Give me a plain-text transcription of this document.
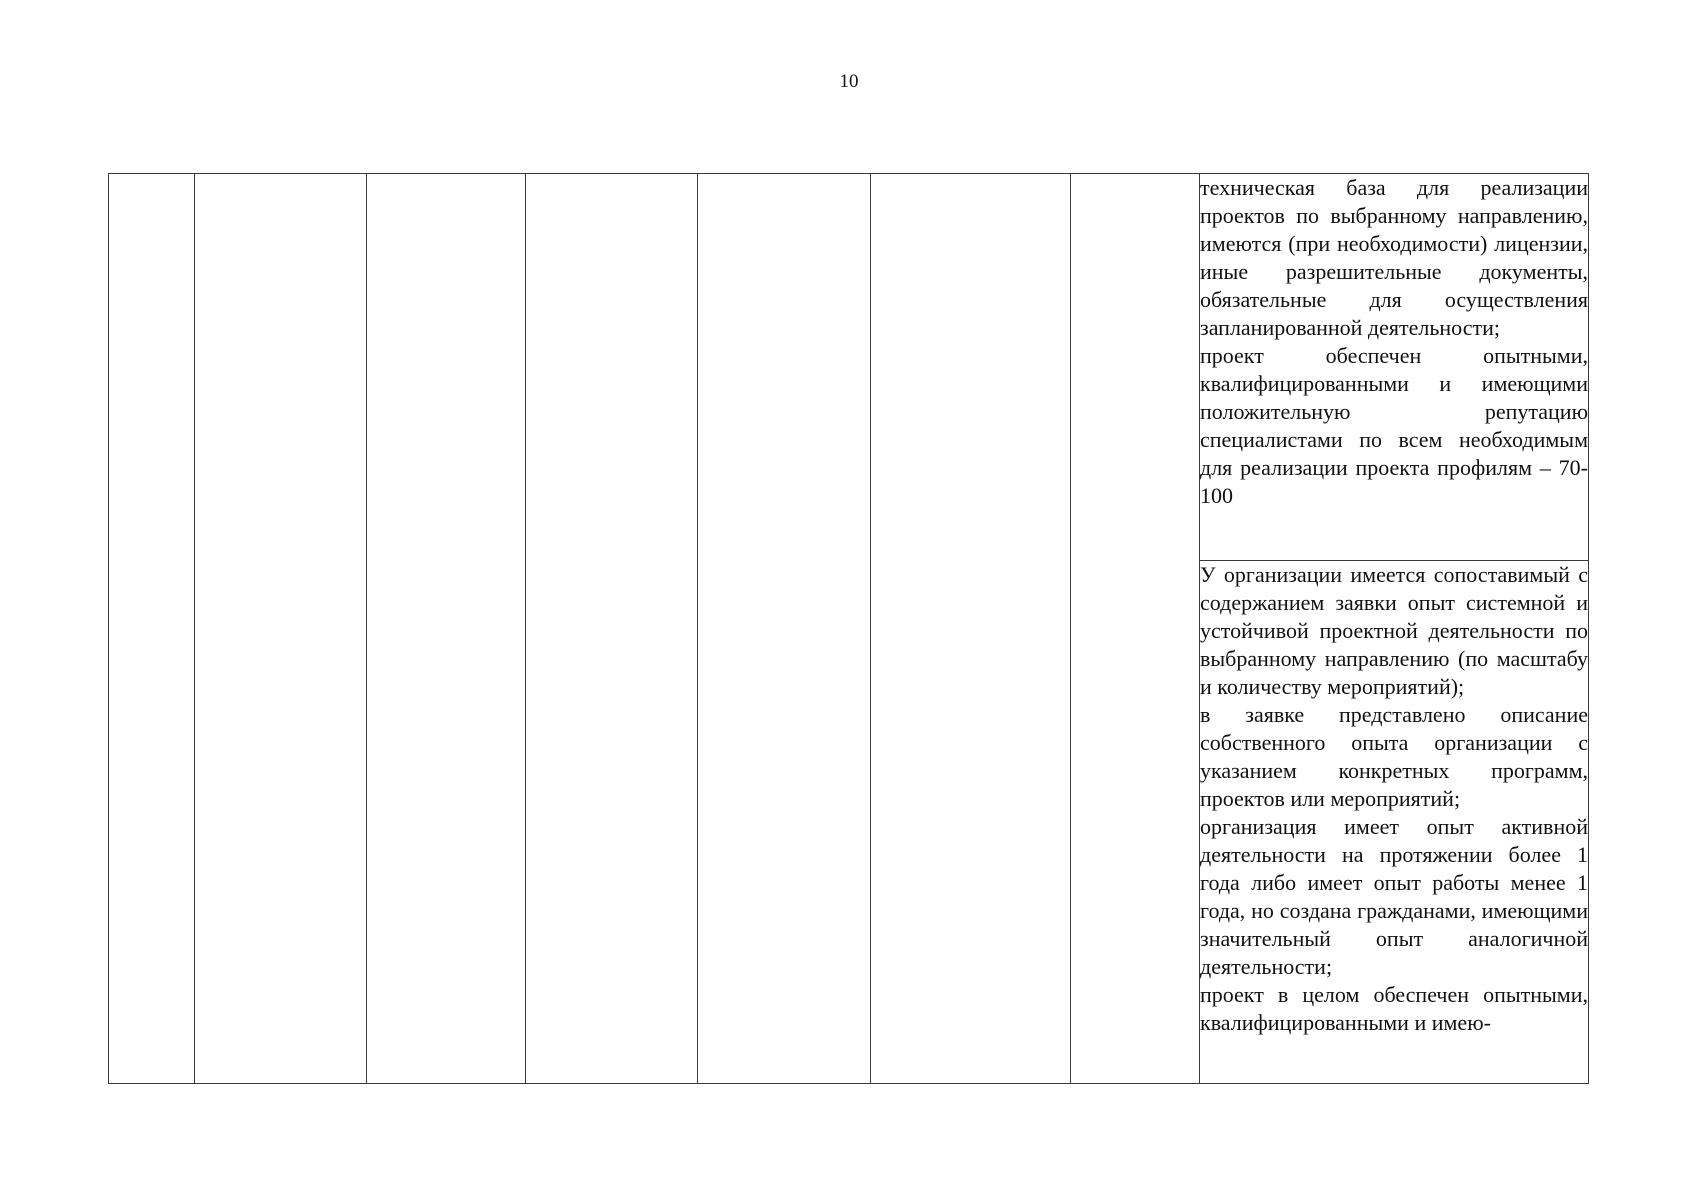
10

техническая база для реализации проектов по выбранному направлению, имеются (при необходимости) лицензии, иные разрешительные документы, обязательные для осуществления запланированной деятельности;

проект обеспечен опытными, квалифицированными и имеющими положительную репутацию специалистами по всем необходимым для реализации проекта профилям – 70-100

У организации имеется сопоставимый с содержанием заявки опыт системной и устойчивой проектной деятельности по выбранному направлению (по масштабу и количеству мероприятий);

в заявке представлено описание собственного опыта организации с указанием конкретных программ, проектов или мероприятий;

организация имеет опыт активной деятельности на протяжении более 1 года либо имеет опыт работы менее 1 года, но создана гражданами, имеющими значительный опыт аналогичной деятельности;

проект в целом обеспечен опытными, квалифицированными и имею-
